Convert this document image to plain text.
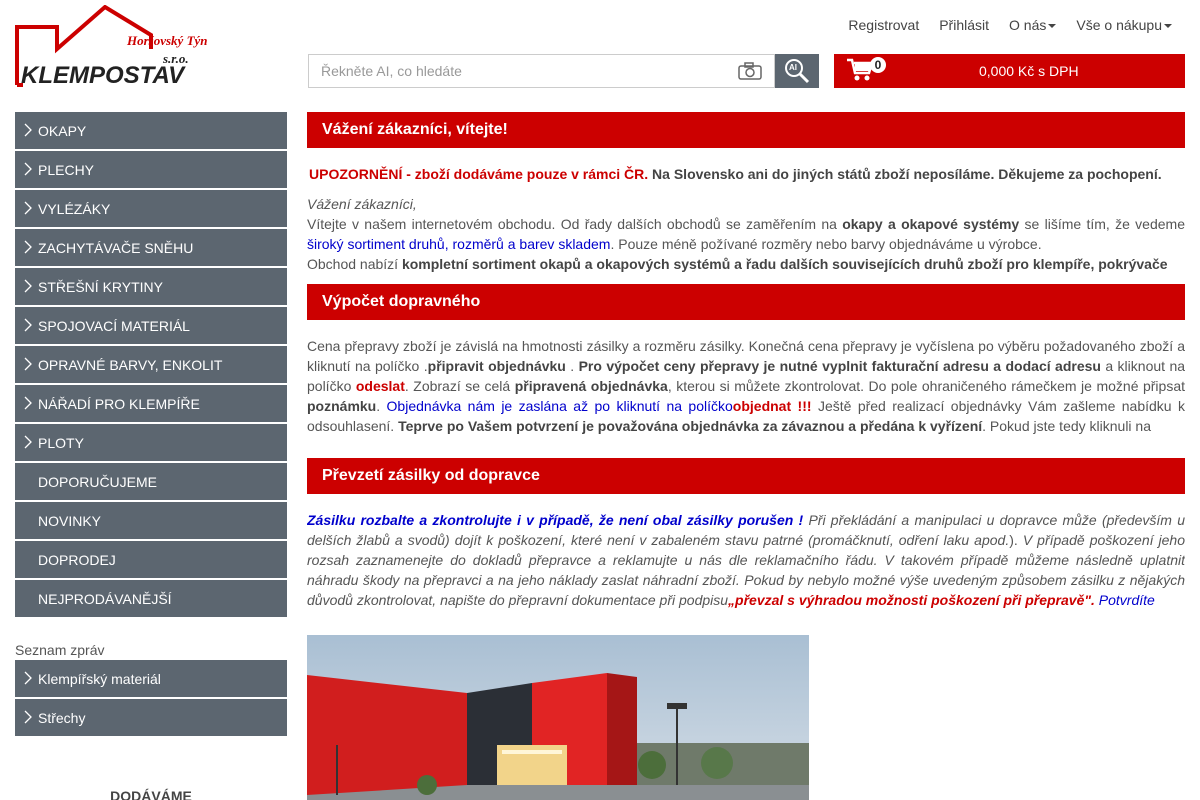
Horšovský Týn
s.r.o.
KLEMPOSTAV
Registrovat Přihlásit O nás	Vše o nákupu
Řekněte AI, co hledáte
AI	0	0,000 Kč s DPH
OKAPY
PLECHY
VYLÉZÁKY
ZACHYTÁVAČE SNĚHU
STŘEŠNÍ KRYTINY
SPOJOVACÍ MATERIÁL
OPRAVNÉ BARVY, ENKOLIT
NÁŘADÍ PRO KLEMPÍŘE
PLOTY
DOPORUČUJEME
NOVINKY
DOPRODEJ
NEJPRODÁVANĚJŠÍ
Seznam zpráv
Klempířský materiál
Střechy
DODÁVÁME
Vážení zákazníci, vítejte!
UPOZORNĚNÍ - zboží dodáváme pouze v rámci ČR. Na Slovensko ani do jiných států zboží neposíláme. Děkujeme za pochopení.
Vážení zákazníci,
Vítejte v našem internetovém obchodu. Od řady dalších obchodů se zaměřením na okapy a okapové systémy se lišíme tím, že vedeme široký sortiment druhů, rozměrů a barev skladem. Pouze méně požívané rozměry nebo barvy objednáváme u výrobce.
Obchod nabízí kompletní sortiment okapů a okapových systémů a řadu dalších souvisejících druhů zboží pro klempíře, pokrývače
Výpočet dopravného
Cena přepravy zboží je závislá na hmotnosti zásilky a rozměru zásilky. Konečná cena přepravy je vyčíslena po výběru požadovaného zboží a kliknutí na políčko .připravit objednávku . Pro výpočet ceny přepravy je nutné vyplnit fakturační adresu a dodací adresu a kliknout na políčko odeslat. Zobrazí se celá připravená objednávka, kterou si můžete zkontrolovat. Do pole ohraničeného rámečkem je možné připsat poznámku. Objednávka nám je zaslána až po kliknutí na políčkoobjednat !!! Ještě před realizací objednávky Vám zašleme nabídku k odsouhlasení. Teprve po Vašem potvrzení je považována objednávka za závaznou a předána k vyřízení. Pokud jste tedy kliknuli na
Převzetí zásilky od dopravce
Zásilku rozbalte a zkontrolujte i v případě, že není obal zásilky porušen ! Při překládání a manipulaci u dopravce může (především u delších žlabů a svodů) dojít k poškození, které není v zabaleném stavu patrné (promáčknutí, odření laku apod.). V případě poškození jeho rozsah zaznamenejte do dokladů přepravce a reklamujte u nás dle reklamačního řádu. V takovém případě můžeme následně uplatnit náhradu škody na přepravci a na jeho náklady zaslat náhradní zboží. Pokud by nebylo možné výše uvedeným způsobem zásilku z nějakých důvodů zkontrolovat, napište do přepravní dokumentace při podpisu„převzal s výhradou možnosti poškození při přepravě". Potvrdíte
